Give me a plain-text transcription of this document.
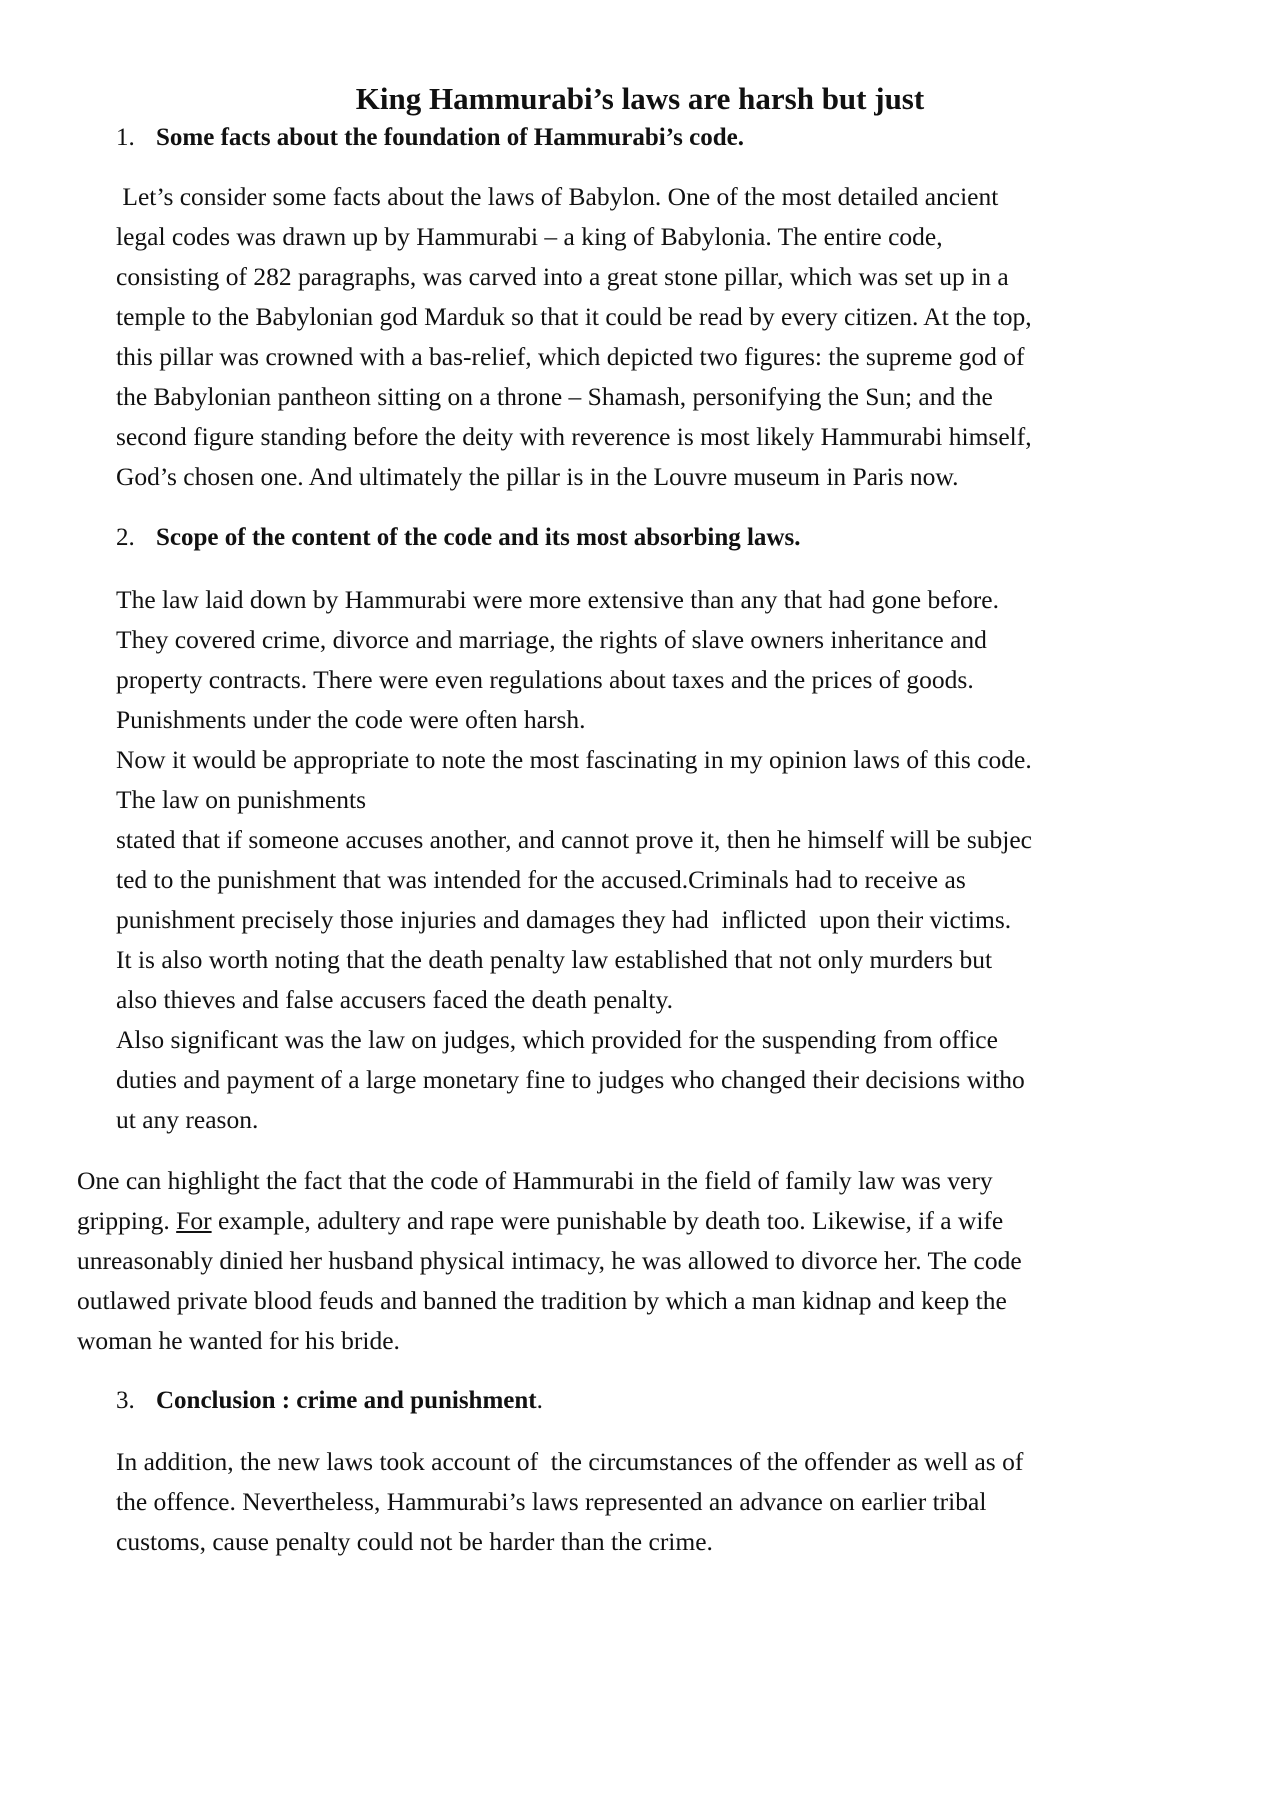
King Hammurabi’s laws are harsh but just
1. Some facts about the foundation of Hammurabi’s code.
Let’s consider some facts about the laws of Babylon. One of the most detailed ancient
legal codes was drawn up by Hammurabi – a king of Babylonia. The entire code,
consisting of 282 paragraphs, was carved into a great stone pillar, which was set up in a
temple to the Babylonian god Marduk so that it could be read by every citizen. At the top,
this pillar was crowned with a bas-relief, which depicted two figures: the supreme god of
the Babylonian pantheon sitting on a throne – Shamash, personifying the Sun; and the
second figure standing before the deity with reverence is most likely Hammurabi himself,
God’s chosen one. And ultimately the pillar is in the Louvre museum in Paris now.
2. Scope of the content of the code and its most absorbing laws.
The law laid down by Hammurabi were more extensive than any that had gone before.
They covered crime, divorce and marriage, the rights of slave owners inheritance and
property contracts. There were even regulations about taxes and the prices of goods.
Punishments under the code were often harsh.
Now it would be appropriate to note the most fascinating in my opinion laws of this code.
The law on punishments
stated that if someone accuses another, and cannot prove it, then he himself will be subjec
ted to the punishment that was intended for the accused.Criminals had to receive as
punishment precisely those injuries and damages they had  inflicted  upon their victims.
It is also worth noting that the death penalty law established that not only murders but
also thieves and false accusers faced the death penalty.
Also significant was the law on judges, which provided for the suspending from office
duties and payment of a large monetary fine to judges who changed their decisions witho
ut any reason.
One can highlight the fact that the code of Hammurabi in the field of family law was very
gripping. For example, adultery and rape were punishable by death too. Likewise, if a wife
unreasonably dinied her husband physical intimacy, he was allowed to divorce her. The code
outlawed private blood feuds and banned the tradition by which a man kidnap and keep the
woman he wanted for his bride.
3. Conclusion : crime and punishment.
In addition, the new laws took account of  the circumstances of the offender as well as of
the offence. Nevertheless, Hammurabi’s laws represented an advance on earlier tribal
customs, cause penalty could not be harder than the crime.
